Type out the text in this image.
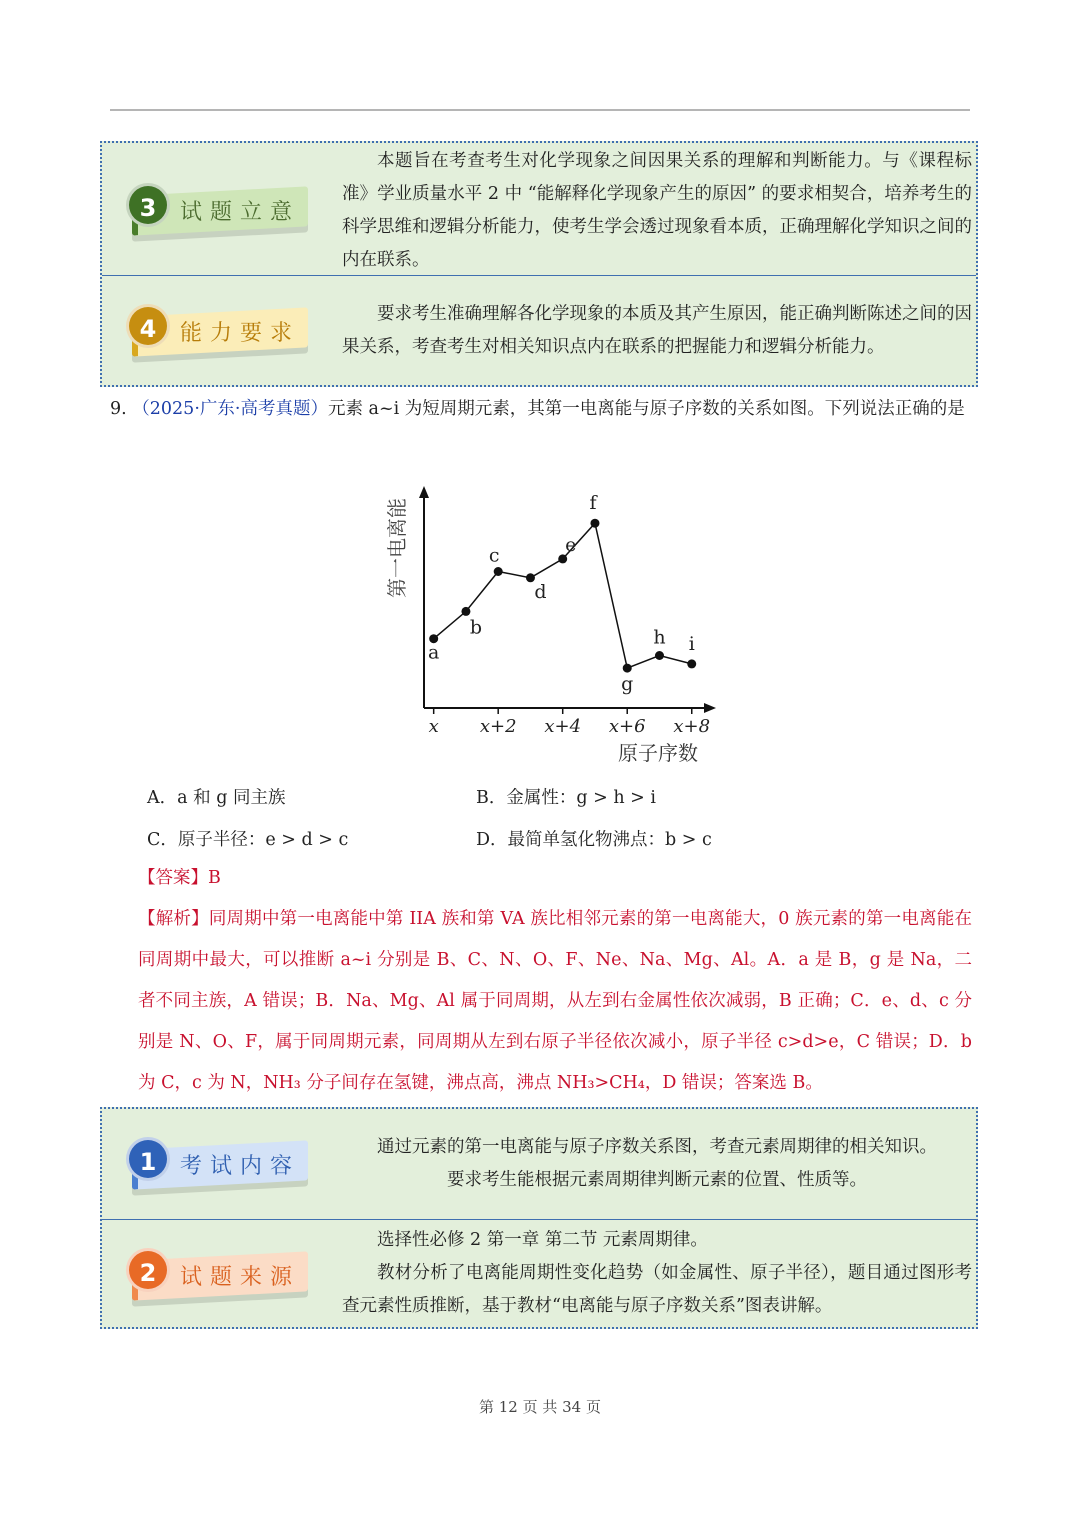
3	试题立意

本题旨在考查考生对化学现象之间因果关系的理解和判断能力。与《课程标准》学业质量水平 2 中 “能解释化学现象产生的原因” 的要求相契合，培养考生的科学思维和逻辑分析能力，使考生学会透过现象看本质，正确理解化学知识之间的内在联系。

4	能力要求

要求考生准确理解各化学现象的本质及其产生原因，能正确判断陈述之间的因果关系，考查考生对相关知识点内在联系的把握能力和逻辑分析能力。

9. （2025·广东·高考真题）元素 a~i 为短周期元素，其第一电离能与原子序数的关系如图。下列说法正确的是
原子序数
第一电离能
a
b
c
d
e
f
g
h i
x x+2 x+4 x+6 x+8
A．a 和 g 同主族	B．金属性：g > h > i
C．原子半径：e > d > c	D．最简单氢化物沸点：b > c
【答案】B
【解析】同周期中第一电离能中第 IIA 族和第 VA 族比相邻元素的第一电离能大，0 族元素的第一电离能在同周期中最大，可以推断 a~i 分别是 B、C、N、O、F、Ne、Na、Mg、Al。A．a 是 B，g 是 Na，二者不同主族，A 错误；B．Na、Mg、Al 属于同周期，从左到右金属性依次减弱，B 正确；C．e、d、c 分别是 N、O、F，属于同周期元素，同周期从左到右原子半径依次减小，原子半径 c>d>e，C 错误；D．b 为 C，c 为 N，NH₃ 分子间存在氢键，沸点高，沸点 NH₃>CH₄，D 错误；答案选 B。
1	考试内容

通过元素的第一电离能与原子序数关系图，考查元素周期律的相关知识。

要求考生能根据元素周期律判断元素的位置、性质等。

2	试题来源

选择性必修 2 第一章 第二节 元素周期律。

教材分析了电离能周期性变化趋势（如金属性、原子半径），题目通过图形考查元素性质推断，基于教材“电离能与原子序数关系”图表讲解。

第 12 页 共 34 页
